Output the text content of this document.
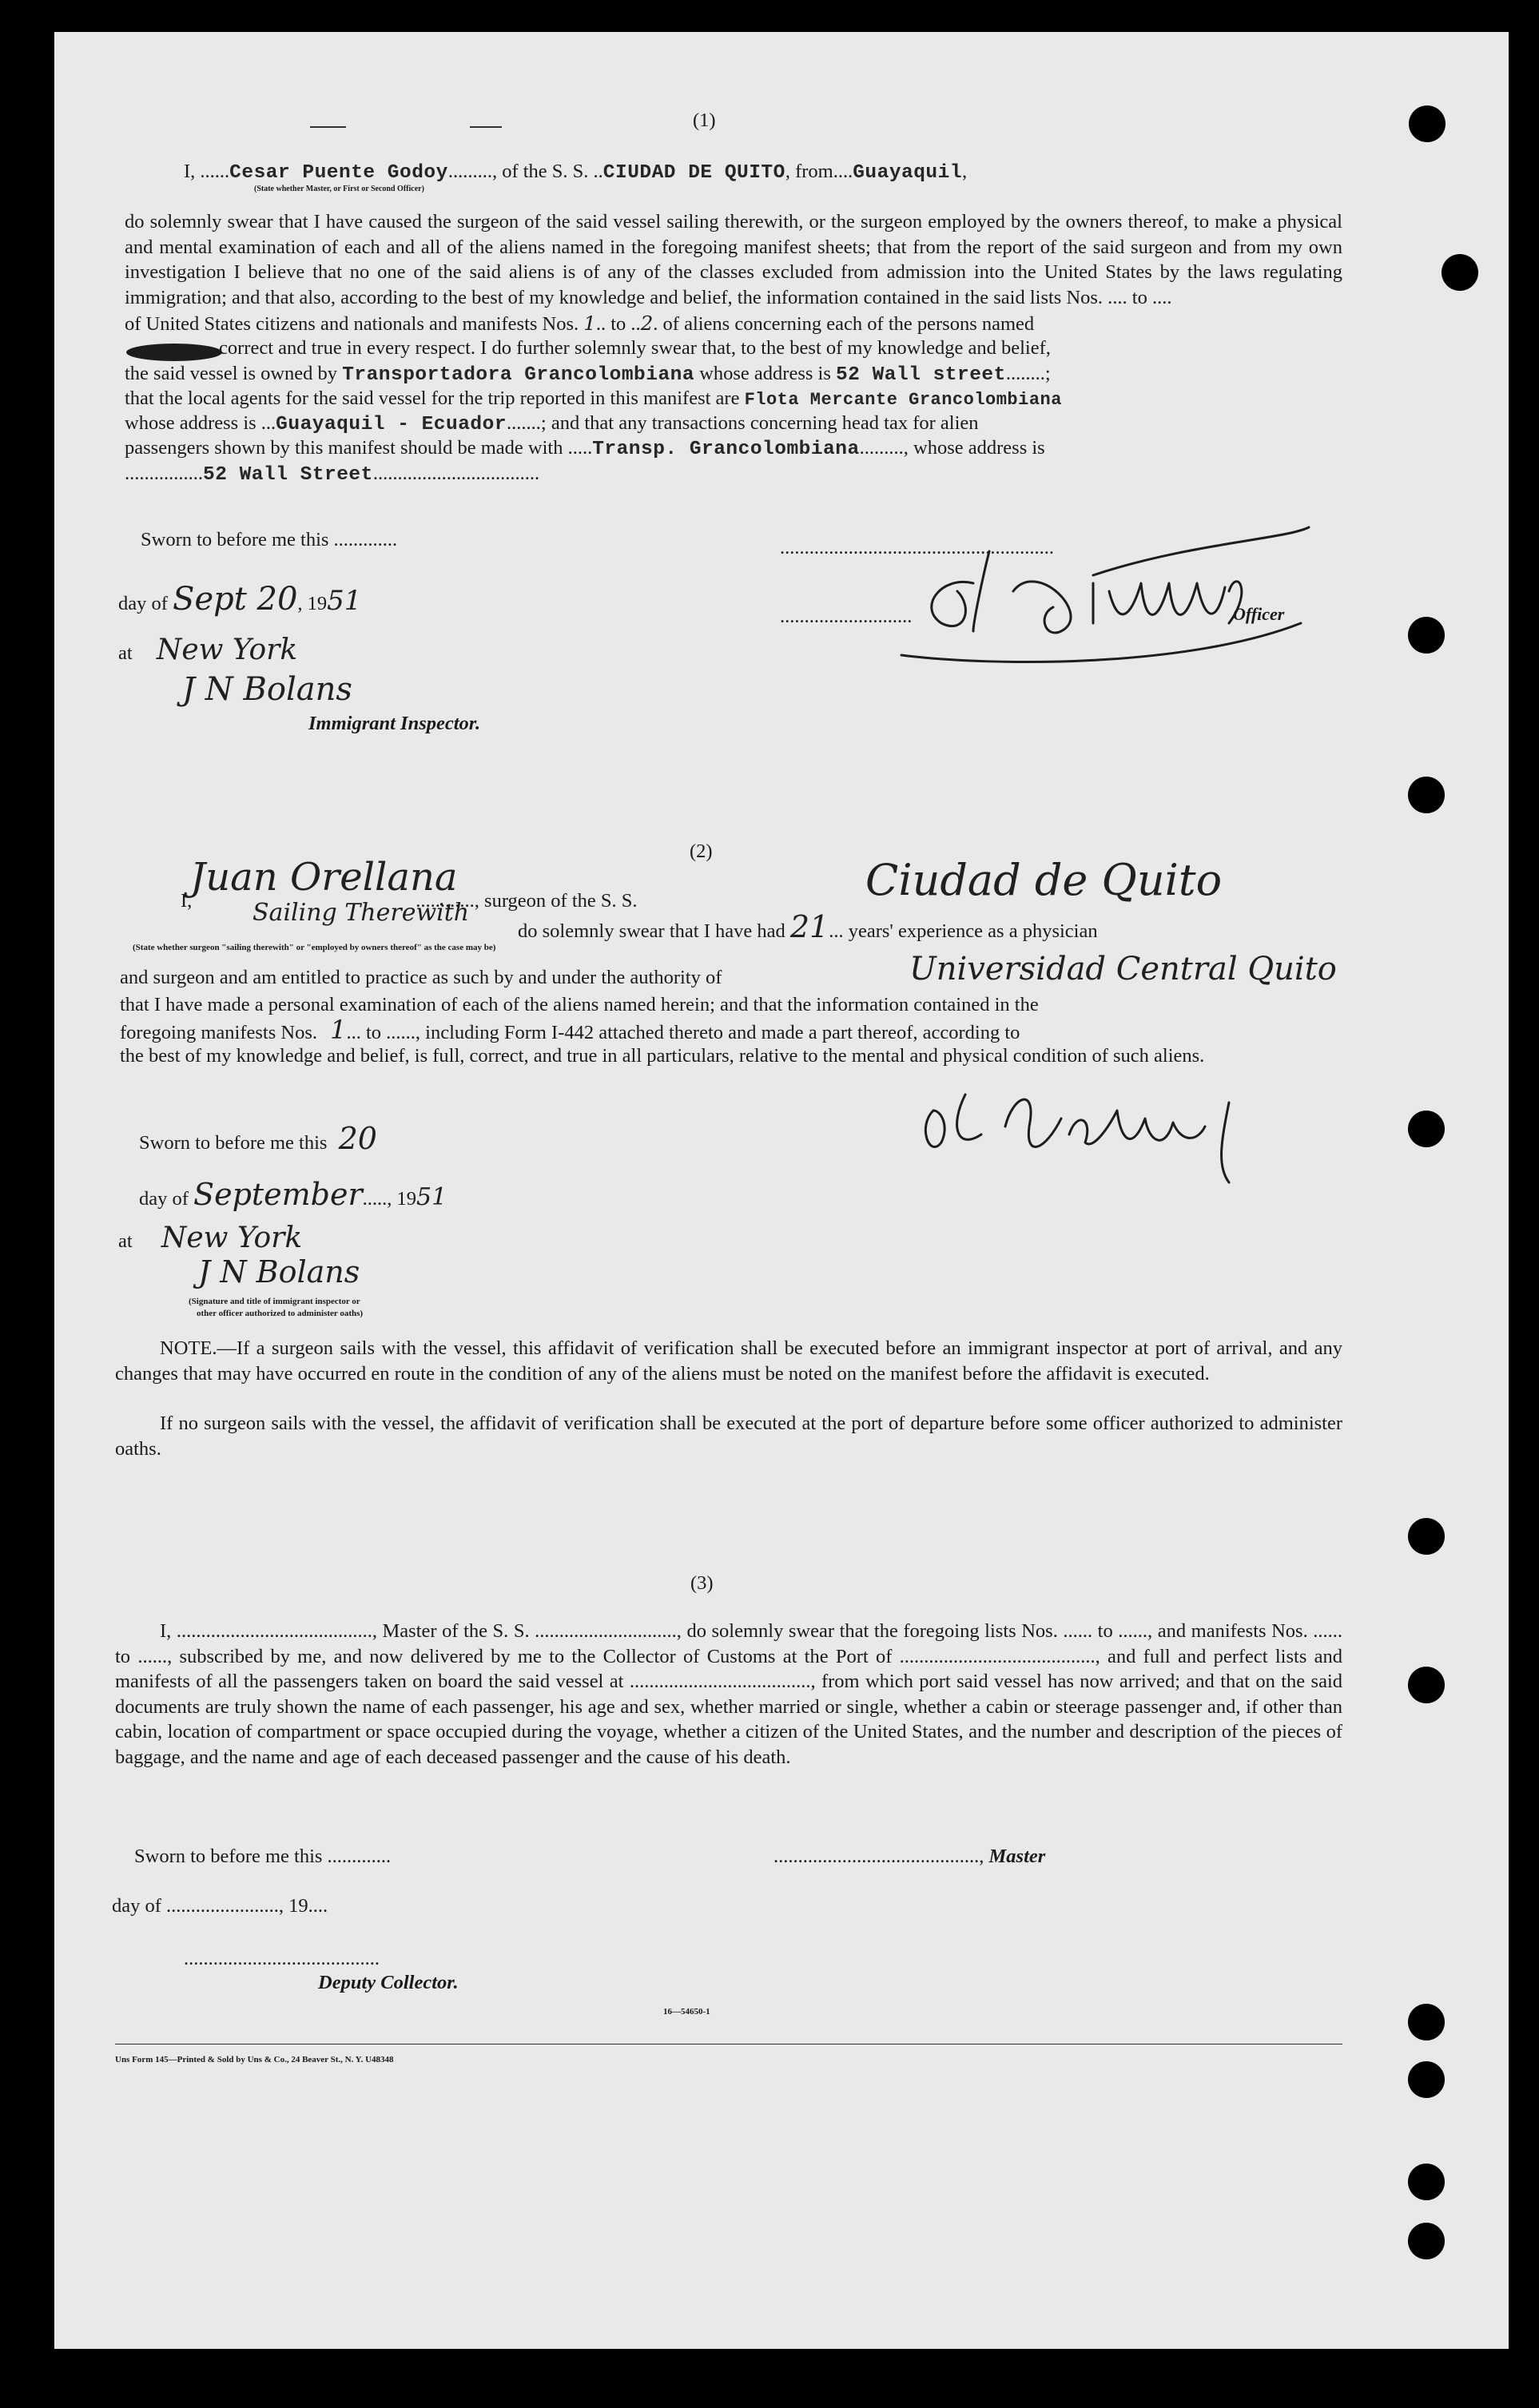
(1)
I, ......Cesar Puente Godoy........., of the S. S. ..CIUDAD DE QUITO, from....Guayaquil,
(State whether Master, or First or Second Officer)
do solemnly swear that I have caused the surgeon of the said vessel sailing therewith, or the surgeon employed by the owners thereof, to make a physical and mental examination of each and all of the aliens named in the foregoing manifest sheets; that from the report of the said surgeon and from my own investigation I believe that no one of the said aliens is of any of the classes excluded from admission into the United States by the laws regulating immigration; and that also, according to the best of my knowledge and belief, the information contained in the said lists Nos. .... to ....
of United States citizens and nationals and manifests Nos. 1.. to ..2. of aliens concerning each of the persons named
correct and true in every respect. I do further solemnly swear that, to the best of my knowledge and belief,
the said vessel is owned by Transportadora Grancolombiana whose address is 52 Wall street........;
that the local agents for the said vessel for the trip reported in this manifest are Flota Mercante Grancolombiana
whose address is ...Guayaquil - Ecuador.......; and that any transactions concerning head tax for alien
passengers shown by this manifest should be made with .....Transp. Grancolombiana........., whose address is
................52 Wall Street..................................
Sworn to before me this .............
day of Sept 20, 1951
at New York
J N Bolans
Immigrant Inspector.
........................................................
...........................	Officer
(2)
Juan Orellana
Sailing Therewith
I,	............, surgeon of the S. S.	Ciudad de Quito
do solemnly swear that I have had 21... years' experience as a physician
(State whether surgeon "sailing therewith" or "employed by owners thereof" as the case may be)
and surgeon and am entitled to practice as such by and under the authority of	Universidad Central Quito
that I have made a personal examination of each of the aliens named herein; and that the information contained in the
foregoing manifests Nos. 1... to ......, including Form I-442 attached thereto and made a part thereof, according to
the best of my knowledge and belief, is full, correct, and true in all particulars, relative to the mental and physical condition of such aliens.
Sworn to before me this 20
day of September....., 1951
at New York
J N Bolans
(Signature and title of immigrant inspector or
other officer authorized to administer oaths)
NOTE.—If a surgeon sails with the vessel, this affidavit of verification shall be executed before an immigrant inspector at port of arrival, and any changes that may have occurred en route in the condition of any of the aliens must be noted on the manifest before the affidavit is executed.
If no surgeon sails with the vessel, the affidavit of verification shall be executed at the port of departure before some officer authorized to administer oaths.
(3)
I, ........................................, Master of the S. S. ............................., do solemnly swear that the foregoing lists Nos. ...... to ......, and manifests Nos. ...... to ......, subscribed by me, and now delivered by me to the Collector of Customs at the Port of ........................................, and full and perfect lists and manifests of all the passengers taken on board the said vessel at ....................................., from which port said vessel has now arrived; and that on the said documents are truly shown the name of each passenger, his age and sex, whether married or single, whether a cabin or steerage passenger and, if other than cabin, location of compartment or space occupied during the voyage, whether a citizen of the United States, and the number and description of the pieces of baggage, and the name and age of each deceased passenger and the cause of his death.
Sworn to before me this .............	.........................................., Master
day of ......................., 19....
........................................
Deputy Collector.
16—54650-1
Uns Form 145—Printed & Sold by Uns & Co., 24 Beaver St., N. Y. U48348
